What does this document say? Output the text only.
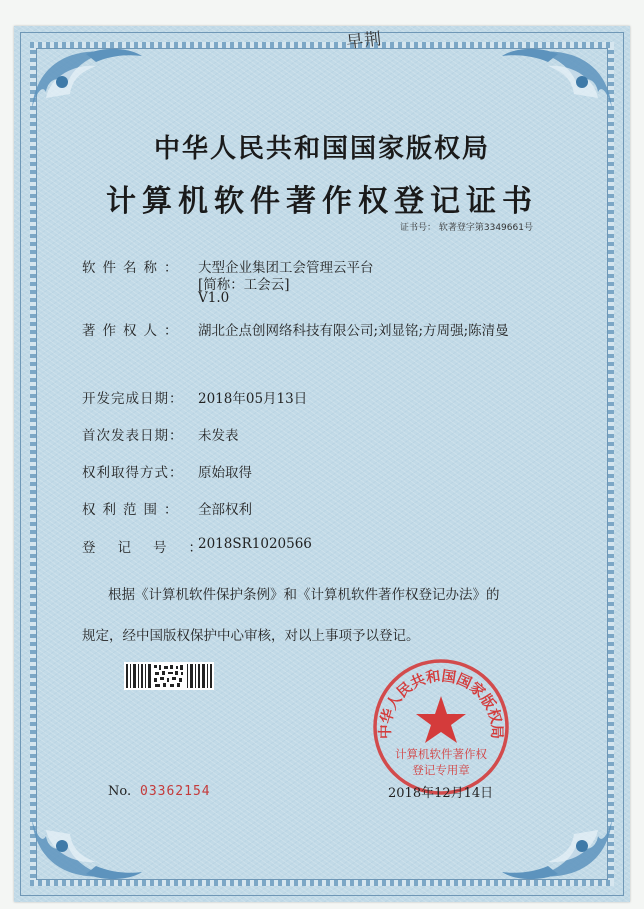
早荆
中华人民共和国国家版权局
计算机软件著作权登记证书
证书号： 软著登字第3349661号
软件名称：	大型企业集团工会管理云平台
[简称：工会云]
V1.0
著作权人：	湖北企点创网络科技有限公司;刘显铭;方周强;陈清曼
开发完成日期：	2018年05月13日
首次发表日期：	未发表
权利取得方式：	原始取得
权利范围：	全部权利
登记号：
2018SR1020566
根据《计算机软件保护条例》和《计算机软件著作权登记办法》的
规定，经中国版权保护中心审核，对以上事项予以登记。
No. 03362154
中华人民共和国国家版权局
计算机软件著作权
登记专用章
2018年12月14日
